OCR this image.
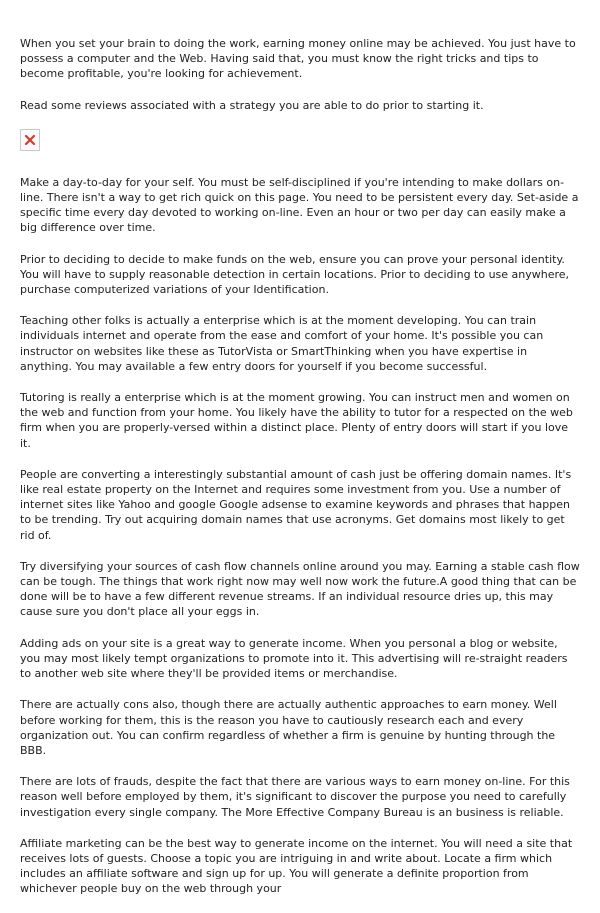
When you set your brain to doing the work, earning money online may be achieved. You just have to possess a computer and the Web. Having said that, you must know the right tricks and tips to become profitable, you're looking for achievement.

Read some reviews associated with a strategy you are able to do prior to starting it.

Make a day-to-day for your self. You must be self-disciplined if you're intending to make dollars on-line. There isn't a way to get rich quick on this page. You need to be persistent every day. Set-aside a specific time every day devoted to working on-line. Even an hour or two per day can easily make a big difference over time.

Prior to deciding to decide to make funds on the web, ensure you can prove your personal identity. You will have to supply reasonable detection in certain locations. Prior to deciding to use anywhere, purchase computerized variations of your Identification.

Teaching other folks is actually a enterprise which is at the moment developing. You can train individuals internet and operate from the ease and comfort of your home. It's possible you can instructor on websites like these as TutorVista or SmartThinking when you have expertise in anything. You may available a few entry doors for yourself if you become successful.

Tutoring is really a enterprise which is at the moment growing. You can instruct men and women on the web and function from your home. You likely have the ability to tutor for a respected on the web firm when you are properly-versed within a distinct place. Plenty of entry doors will start if you love it.

People are converting a interestingly substantial amount of cash just be offering domain names. It's like real estate property on the Internet and requires some investment from you. Use a number of internet sites like Yahoo and google Google adsense to examine keywords and phrases that happen to be trending. Try out acquiring domain names that use acronyms. Get domains most likely to get rid of.

Try diversifying your sources of cash flow channels online around you may. Earning a stable cash flow can be tough. The things that work right now may well now work the future.A good thing that can be done will be to have a few different revenue streams. If an individual resource dries up, this may cause sure you don't place all your eggs in.

Adding ads on your site is a great way to generate income. When you personal a blog or website, you may most likely tempt organizations to promote into it. This advertising will re-straight readers to another web site where they'll be provided items or merchandise.

There are actually cons also, though there are actually authentic approaches to earn money. Well before working for them, this is the reason you have to cautiously research each and every organization out. You can confirm regardless of whether a firm is genuine by hunting through the BBB.

There are lots of frauds, despite the fact that there are various ways to earn money on-line. For this reason well before employed by them, it's significant to discover the purpose you need to carefully investigation every single company. The More Effective Company Bureau is an business is reliable.

Affiliate marketing can be the best way to generate income on the internet. You will need a site that receives lots of guests. Choose a topic you are intriguing in and write about. Locate a firm which includes an affiliate software and sign up for up. You will generate a definite proportion from whichever people buy on the web through your
